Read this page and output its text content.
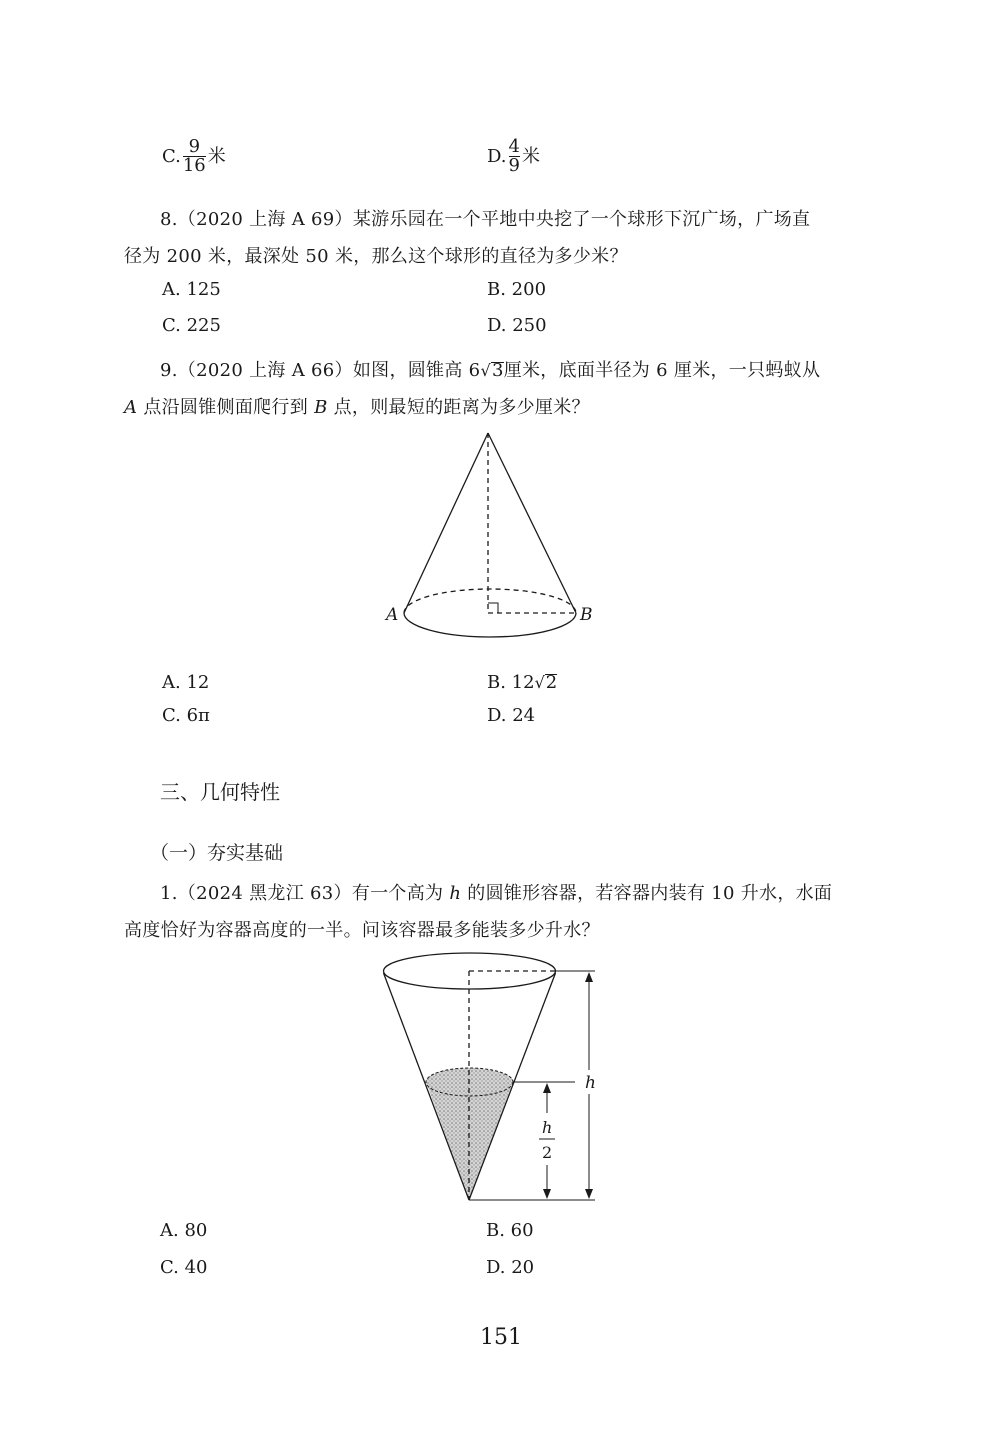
C. $\frac{9}{16}$ 米	D. $\frac{4}{9}$ 米
8.（2020 上海 A 69）某游乐园在一个平地中央挖了一个球形下沉广场，广场直
径为 200 米，最深处 50 米，那么这个球形的直径为多少米？
A. 125	B. 200
C. 225	D. 250
9.（2020 上海 A 66）如图，圆锥高 6√3厘米，底面半径为 6 厘米，一只蚂蚁从
A 点沿圆锥侧面爬行到 B 点，则最短的距离为多少厘米？
A	B
A. 12	B. 12√2
C. 6π	D. 24
三、几何特性
（一）夯实基础
1.（2024 黑龙江 63）有一个高为 h 的圆锥形容器，若容器内装有 10 升水，水面
高度恰好为容器高度的一半。问该容器最多能装多少升水？
h
h
2
A. 80	B. 60
C. 40	D. 20
151
